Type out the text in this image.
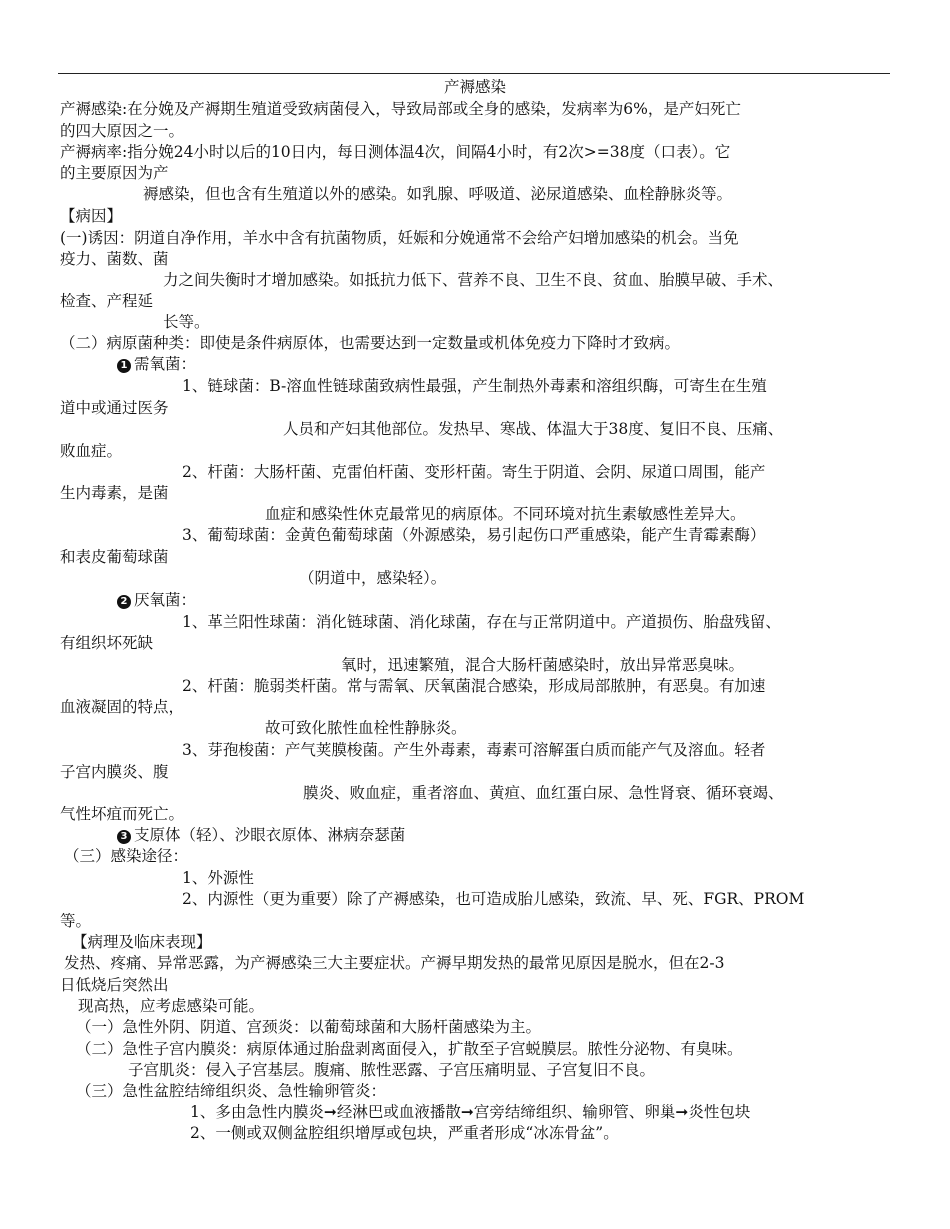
产褥感染
产褥感染:在分娩及产褥期生殖道受致病菌侵入，导致局部或全身的感染，发病率为6%，是产妇死亡
的四大原因之一。
产褥病率:指分娩24小时以后的10日内，每日测体温4次，间隔4小时，有2次>=38度（口表）。它
的主要原因为产
褥感染，但也含有生殖道以外的感染。如乳腺、呼吸道、泌尿道感染、血栓静脉炎等。
【病因】
(一)诱因：阴道自净作用，羊水中含有抗菌物质，妊娠和分娩通常不会给产妇增加感染的机会。当免
疫力、菌数、菌
力之间失衡时才增加感染。如抵抗力低下、营养不良、卫生不良、贫血、胎膜早破、手术、
检查、产程延
长等。
（二）病原菌种类：即使是条件病原体，也需要达到一定数量或机体免疫力下降时才致病。
1 需氧菌：
1、链球菌：B-溶血性链球菌致病性最强，产生制热外毒素和溶组织酶，可寄生在生殖
道中或通过医务
人员和产妇其他部位。发热早、寒战、体温大于38度、复旧不良、压痛、
败血症。
2、杆菌：大肠杆菌、克雷伯杆菌、变形杆菌。寄生于阴道、会阴、尿道口周围，能产
生内毒素，是菌
血症和感染性休克最常见的病原体。不同环境对抗生素敏感性差异大。
3、葡萄球菌：金黄色葡萄球菌（外源感染，易引起伤口严重感染，能产生青霉素酶）
和表皮葡萄球菌
（阴道中，感染轻）。
2 厌氧菌：
1、革兰阳性球菌：消化链球菌、消化球菌，存在与正常阴道中。产道损伤、胎盘残留、
有组织坏死缺
氧时，迅速繁殖，混合大肠杆菌感染时，放出异常恶臭味。
2、杆菌：脆弱类杆菌。常与需氧、厌氧菌混合感染，形成局部脓肿，有恶臭。有加速
血液凝固的特点，
故可致化脓性血栓性静脉炎。
3、芽孢梭菌：产气荚膜梭菌。产生外毒素，毒素可溶解蛋白质而能产气及溶血。轻者
子宫内膜炎、腹
膜炎、败血症，重者溶血、黄疸、血红蛋白尿、急性肾衰、循环衰竭、
气性坏疽而死亡。
3 支原体（轻）、沙眼衣原体、淋病奈瑟菌
（三）感染途径：
1、外源性
2、内源性（更为重要）除了产褥感染，也可造成胎儿感染，致流、早、死、FGR、PROM
等。
【病理及临床表现】
发热、疼痛、异常恶露，为产褥感染三大主要症状。产褥早期发热的最常见原因是脱水，但在2-3
日低烧后突然出
现高热，应考虑感染可能。
（一）急性外阴、阴道、宫颈炎：以葡萄球菌和大肠杆菌感染为主。
（二）急性子宫内膜炎：病原体通过胎盘剥离面侵入，扩散至子宫蜕膜层。脓性分泌物、有臭味。
子宫肌炎：侵入子宫基层。腹痛、脓性恶露、子宫压痛明显、子宫复旧不良。
（三）急性盆腔结缔组织炎、急性输卵管炎：
1、多由急性内膜炎➞经淋巴或血液播散➞宫旁结缔组织、输卵管、卵巢➞炎性包块
2、一侧或双侧盆腔组织增厚或包块，严重者形成“冰冻骨盆”。
